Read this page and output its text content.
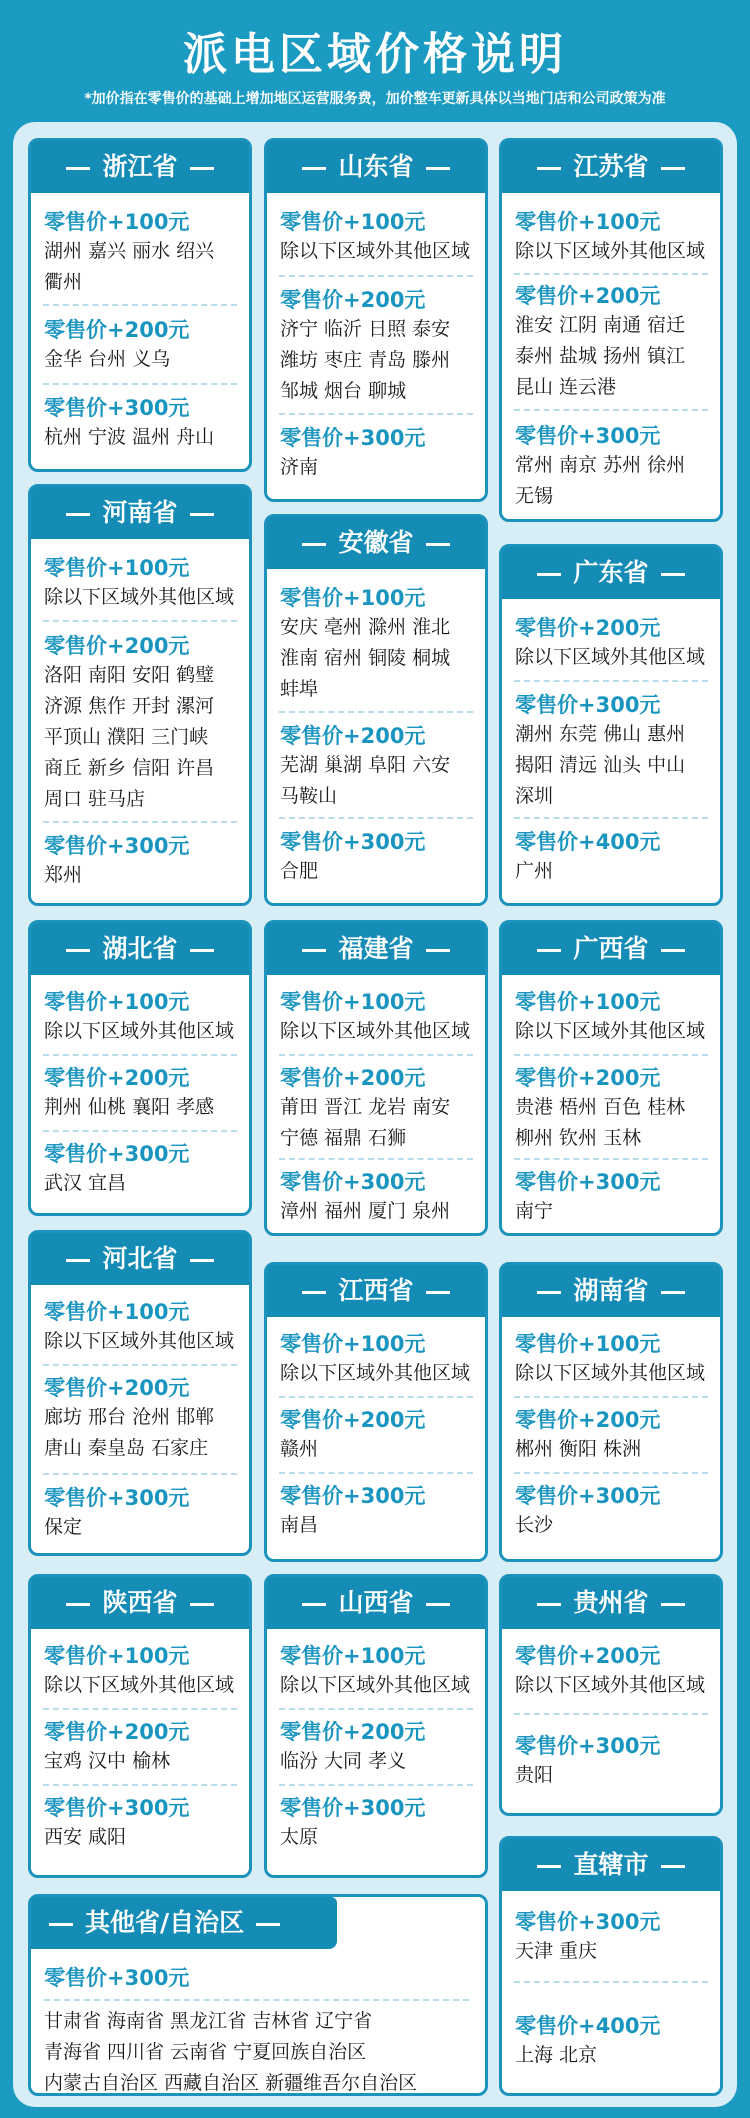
派电区域价格说明
*加价指在零售价的基础上增加地区运营服务费，加价整车更新具体以当地门店和公司政策为准
浙江省
零售价+100元
湖州 嘉兴 丽水 绍兴
衢州
零售价+200元
金华 台州 义乌
零售价+300元
杭州 宁波 温州 舟山
山东省
零售价+100元
除以下区域外其他区域
零售价+200元
济宁 临沂 日照 泰安
潍坊 枣庄 青岛 滕州
邹城 烟台 聊城
零售价+300元
济南
江苏省
零售价+100元
除以下区域外其他区域
零售价+200元
淮安 江阴 南通 宿迁
泰州 盐城 扬州 镇江
昆山 连云港
零售价+300元
常州 南京 苏州 徐州
无锡
河南省
零售价+100元
除以下区域外其他区域
零售价+200元
洛阳 南阳 安阳 鹤璧
济源 焦作 开封 漯河
平顶山 濮阳 三门峡
商丘 新乡 信阳 许昌
周口 驻马店
零售价+300元
郑州
安徽省
零售价+100元
安庆 亳州 滁州 淮北
淮南 宿州 铜陵 桐城
蚌埠
零售价+200元
芜湖 巢湖 阜阳 六安
马鞍山
零售价+300元
合肥
广东省
零售价+200元
除以下区域外其他区域
零售价+300元
潮州 东莞 佛山 惠州
揭阳 清远 汕头 中山
深圳
零售价+400元
广州
湖北省
零售价+100元
除以下区域外其他区域
零售价+200元
荆州 仙桃 襄阳 孝感
零售价+300元
武汉 宜昌
福建省
零售价+100元
除以下区域外其他区域
零售价+200元
莆田 晋江 龙岩 南安
宁德 福鼎 石狮
零售价+300元
漳州 福州 厦门 泉州
广西省
零售价+100元
除以下区域外其他区域
零售价+200元
贵港 梧州 百色 桂林
柳州 钦州 玉林
零售价+300元
南宁
河北省
零售价+100元
除以下区域外其他区域
零售价+200元
廊坊 邢台 沧州 邯郸
唐山 秦皇岛 石家庄
零售价+300元
保定
江西省
零售价+100元
除以下区域外其他区域
零售价+200元
赣州
零售价+300元
南昌
湖南省
零售价+100元
除以下区域外其他区域
零售价+200元
郴州 衡阳 株洲
零售价+300元
长沙
陕西省
零售价+100元
除以下区域外其他区域
零售价+200元
宝鸡 汉中 榆林
零售价+300元
西安 咸阳
山西省
零售价+100元
除以下区域外其他区域
零售价+200元
临汾 大同 孝义
零售价+300元
太原
贵州省
零售价+200元
除以下区域外其他区域
零售价+300元
贵阳
直辖市
零售价+300元
天津 重庆
零售价+400元
上海 北京
其他省/自治区
零售价+300元
甘肃省 海南省 黑龙江省 吉林省 辽宁省
青海省 四川省 云南省 宁夏回族自治区
内蒙古自治区 西藏自治区 新疆维吾尔自治区
